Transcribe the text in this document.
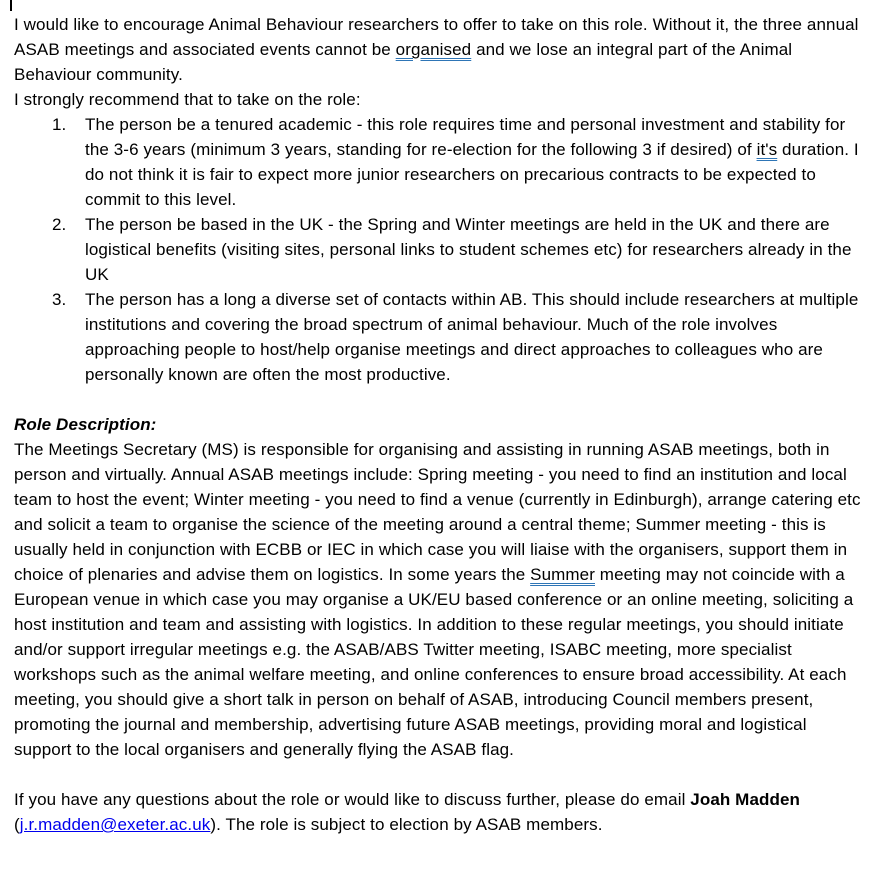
I would like to encourage Animal Behaviour researchers to offer to take on this role. Without it, the three annual ASAB meetings and associated events cannot be organised and we lose an integral part of the Animal Behaviour community.
I strongly recommend that to take on the role:
1.	The person be a tenured academic - this role requires time and personal investment and stability for the 3-6 years (minimum 3 years, standing for re-election for the following 3 if desired) of it's duration. I do not think it is fair to expect more junior researchers on precarious contracts to be expected to commit to this level.
2.	The person be based in the UK - the Spring and Winter meetings are held in the UK and there are logistical benefits (visiting sites, personal links to student schemes etc) for researchers already in the UK
3.	The person has a long a diverse set of contacts within AB. This should include researchers at multiple institutions and covering the broad spectrum of animal behaviour. Much of the role involves approaching people to host/help organise meetings and direct approaches to colleagues who are personally known are often the most productive.
Role Description:
The Meetings Secretary (MS) is responsible for organising and assisting in running ASAB meetings, both in person and virtually. Annual ASAB meetings include: Spring meeting - you need to find an institution and local team to host the event; Winter meeting - you need to find a venue (currently in Edinburgh), arrange catering etc and solicit a team to organise the science of the meeting around a central theme; Summer meeting - this is usually held in conjunction with ECBB or IEC in which case you will liaise with the organisers, support them in choice of plenaries and advise them on logistics. In some years the Summer meeting may not coincide with a European venue in which case you may organise a UK/EU based conference or an online meeting, soliciting a host institution and team and assisting with logistics. In addition to these regular meetings, you should initiate and/or support irregular meetings e.g. the ASAB/ABS Twitter meeting, ISABC meeting, more specialist workshops such as the animal welfare meeting, and online conferences to ensure broad accessibility. At each meeting, you should give a short talk in person on behalf of ASAB, introducing Council members present, promoting the journal and membership, advertising future ASAB meetings, providing moral and logistical support to the local organisers and generally flying the ASAB flag.
If you have any questions about the role or would like to discuss further, please do email Joah Madden (j.r.madden@exeter.ac.uk). The role is subject to election by ASAB members.
